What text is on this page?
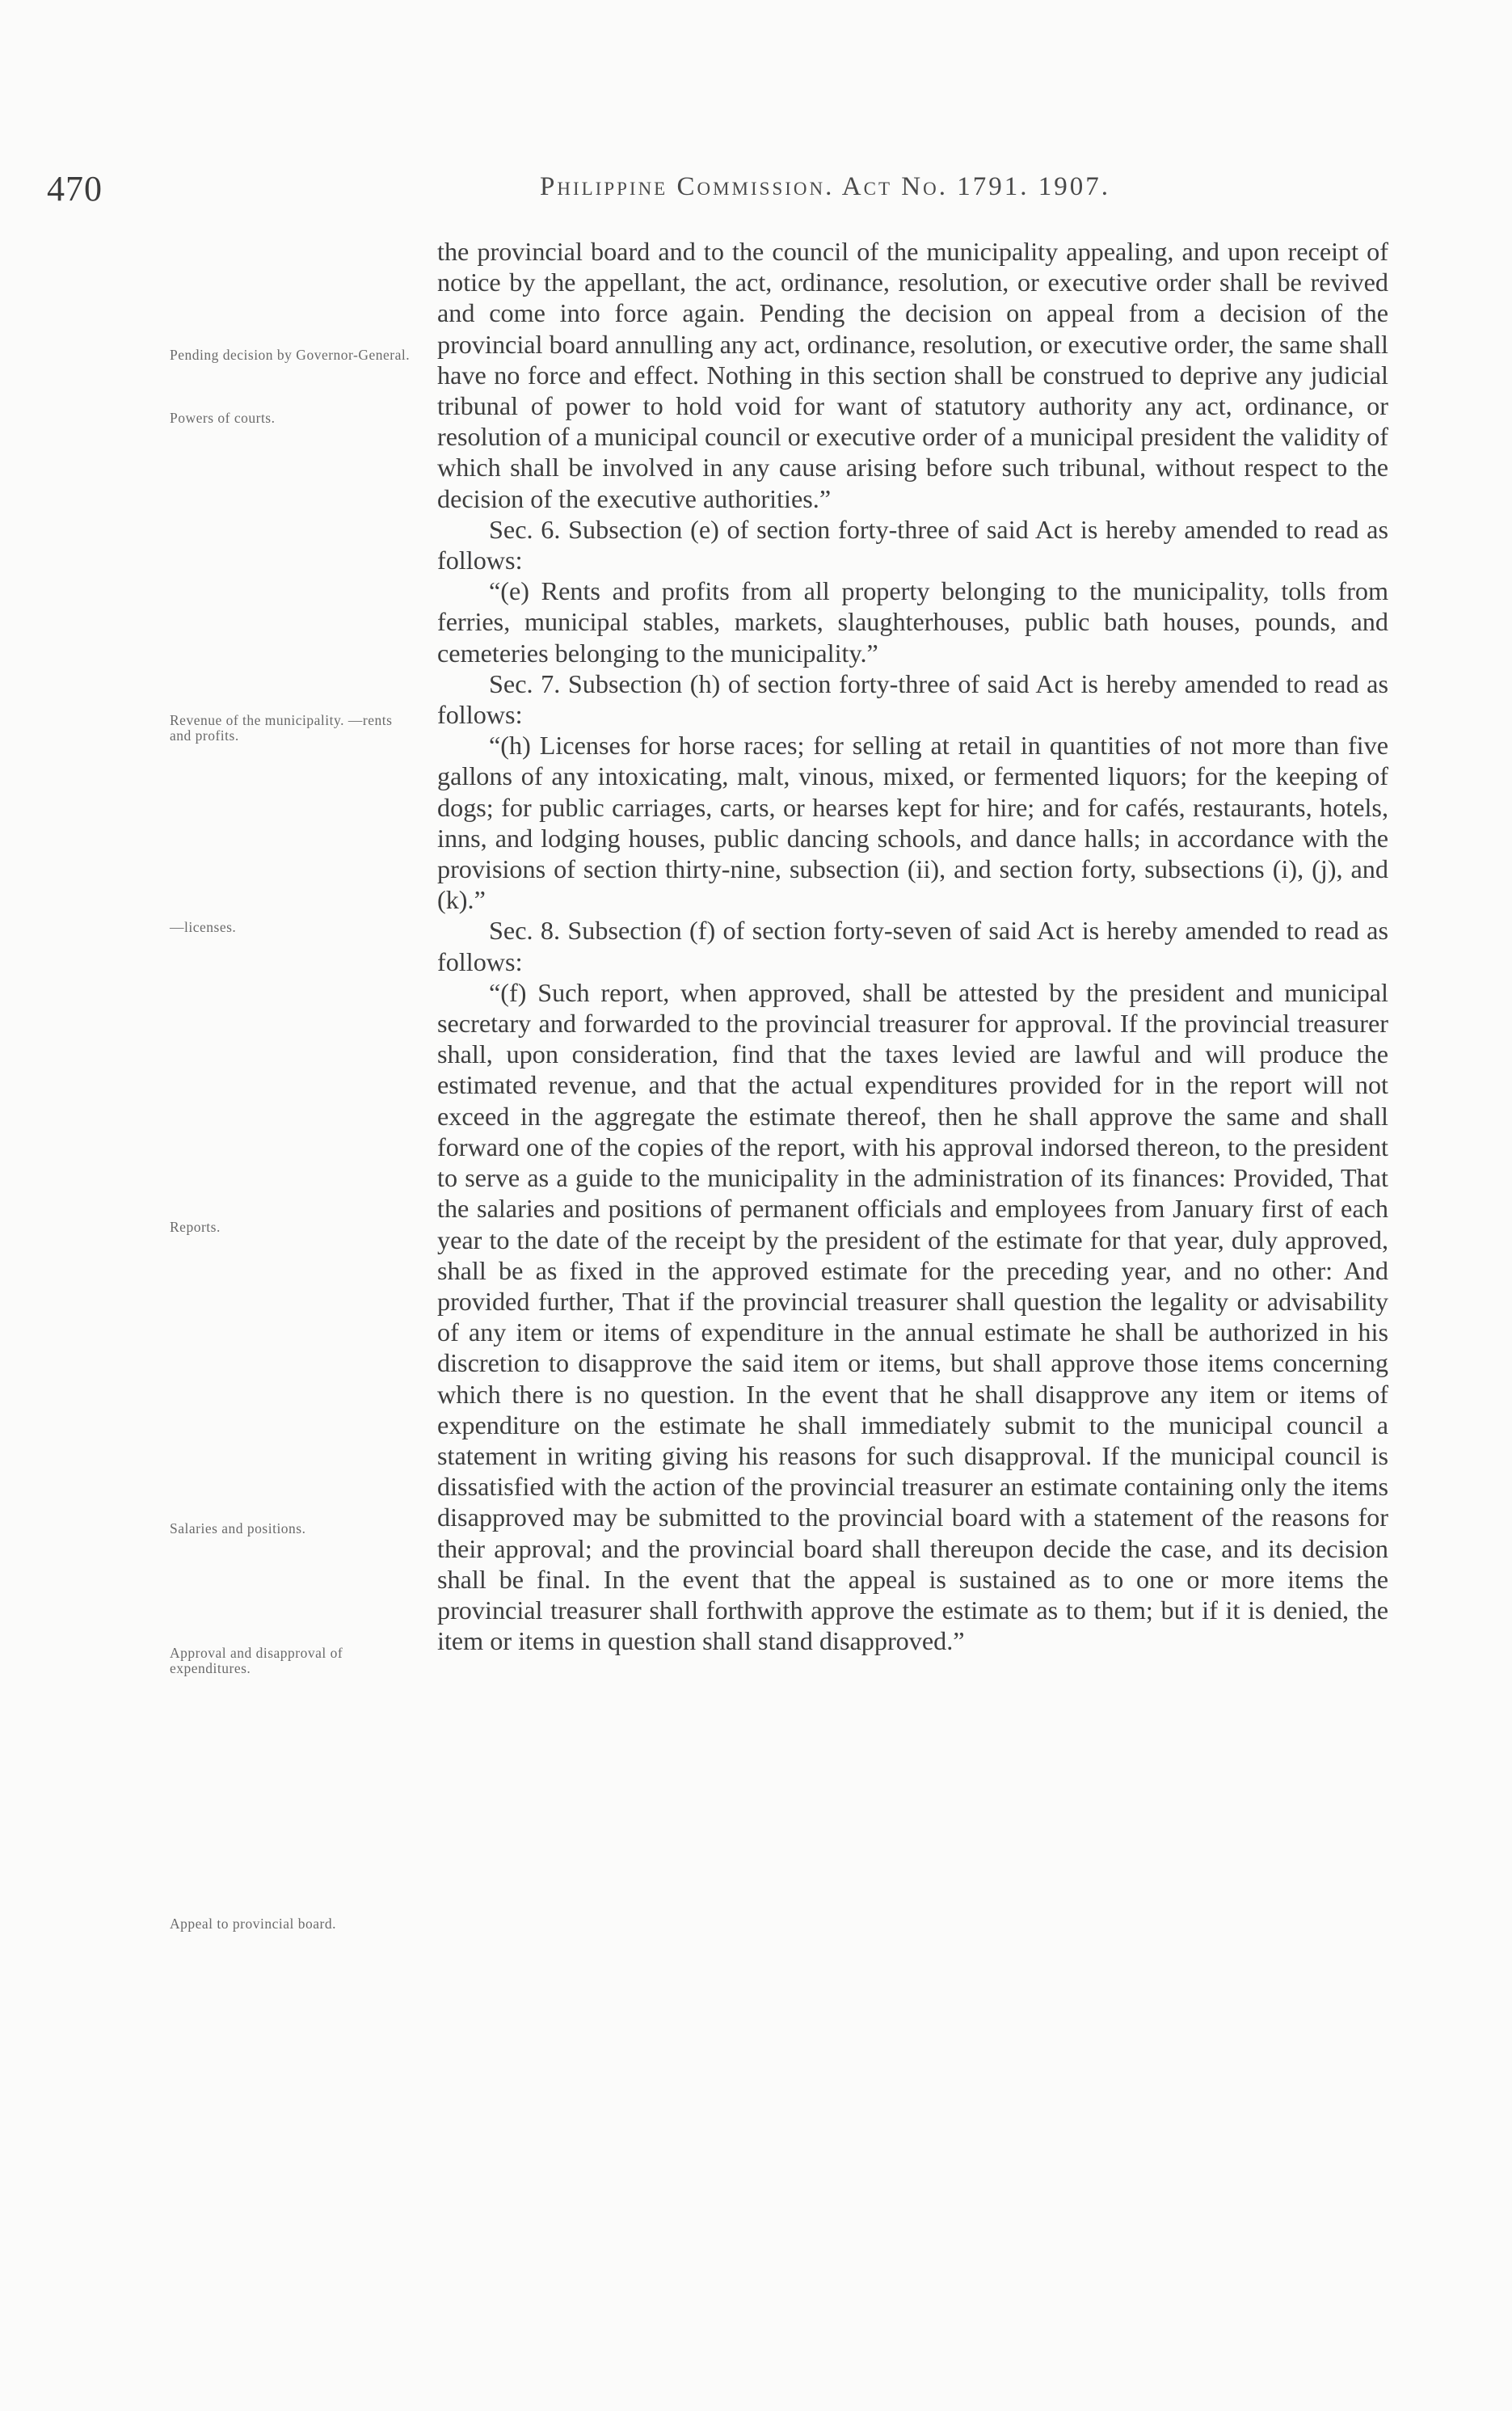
470	Philippine Commission. Act No. 1791. 1907.
Pending decision by Governor-General.
Powers of courts.
Revenue of the municipality. —rents and profits.
—licenses.
Reports.
Salaries and positions.
Approval and disapproval of expenditures.
Appeal to provincial board.

the provincial board and to the council of the municipality appealing, and upon receipt of notice by the appellant, the act, ordinance, resolution, or executive order shall be revived and come into force again. Pending the decision on appeal from a decision of the provincial board annulling any act, ordinance, resolution, or executive order, the same shall have no force and effect. Nothing in this section shall be construed to deprive any judicial tribunal of power to hold void for want of statutory authority any act, ordinance, or resolution of a municipal council or executive order of a municipal president the validity of which shall be involved in any cause arising before such tribunal, without respect to the decision of the executive authorities.”

Sec. 6. Subsection (e) of section forty-three of said Act is hereby amended to read as follows:

“(e) Rents and profits from all property belonging to the municipality, tolls from ferries, municipal stables, markets, slaughterhouses, public bath houses, pounds, and cemeteries belonging to the municipality.”

Sec. 7. Subsection (h) of section forty-three of said Act is hereby amended to read as follows:

“(h) Licenses for horse races; for selling at retail in quantities of not more than five gallons of any intoxicating, malt, vinous, mixed, or fermented liquors; for the keeping of dogs; for public carriages, carts, or hearses kept for hire; and for cafés, restaurants, hotels, inns, and lodging houses, public dancing schools, and dance halls; in accordance with the provisions of section thirty-nine, subsection (ii), and section forty, subsections (i), (j), and (k).”

Sec. 8. Subsection (f) of section forty-seven of said Act is hereby amended to read as follows:

“(f) Such report, when approved, shall be attested by the president and municipal secretary and forwarded to the provincial treasurer for approval. If the provincial treasurer shall, upon consideration, find that the taxes levied are lawful and will produce the estimated revenue, and that the actual expenditures provided for in the report will not exceed in the aggregate the estimate thereof, then he shall approve the same and shall forward one of the copies of the report, with his approval indorsed thereon, to the president to serve as a guide to the municipality in the administration of its finances: Provided, That the salaries and positions of permanent officials and employees from January first of each year to the date of the receipt by the president of the estimate for that year, duly approved, shall be as fixed in the approved estimate for the preceding year, and no other: And provided further, That if the provincial treasurer shall question the legality or advisability of any item or items of expenditure in the annual estimate he shall be authorized in his discretion to disapprove the said item or items, but shall approve those items concerning which there is no question. In the event that he shall disapprove any item or items of expenditure on the estimate he shall immediately submit to the municipal council a statement in writing giving his reasons for such disapproval. If the municipal council is dissatisfied with the action of the provincial treasurer an estimate containing only the items disapproved may be submitted to the provincial board with a statement of the reasons for their approval; and the provincial board shall thereupon decide the case, and its decision shall be final. In the event that the appeal is sustained as to one or more items the provincial treasurer shall forthwith approve the estimate as to them; but if it is denied, the item or items in question shall stand disapproved.”
